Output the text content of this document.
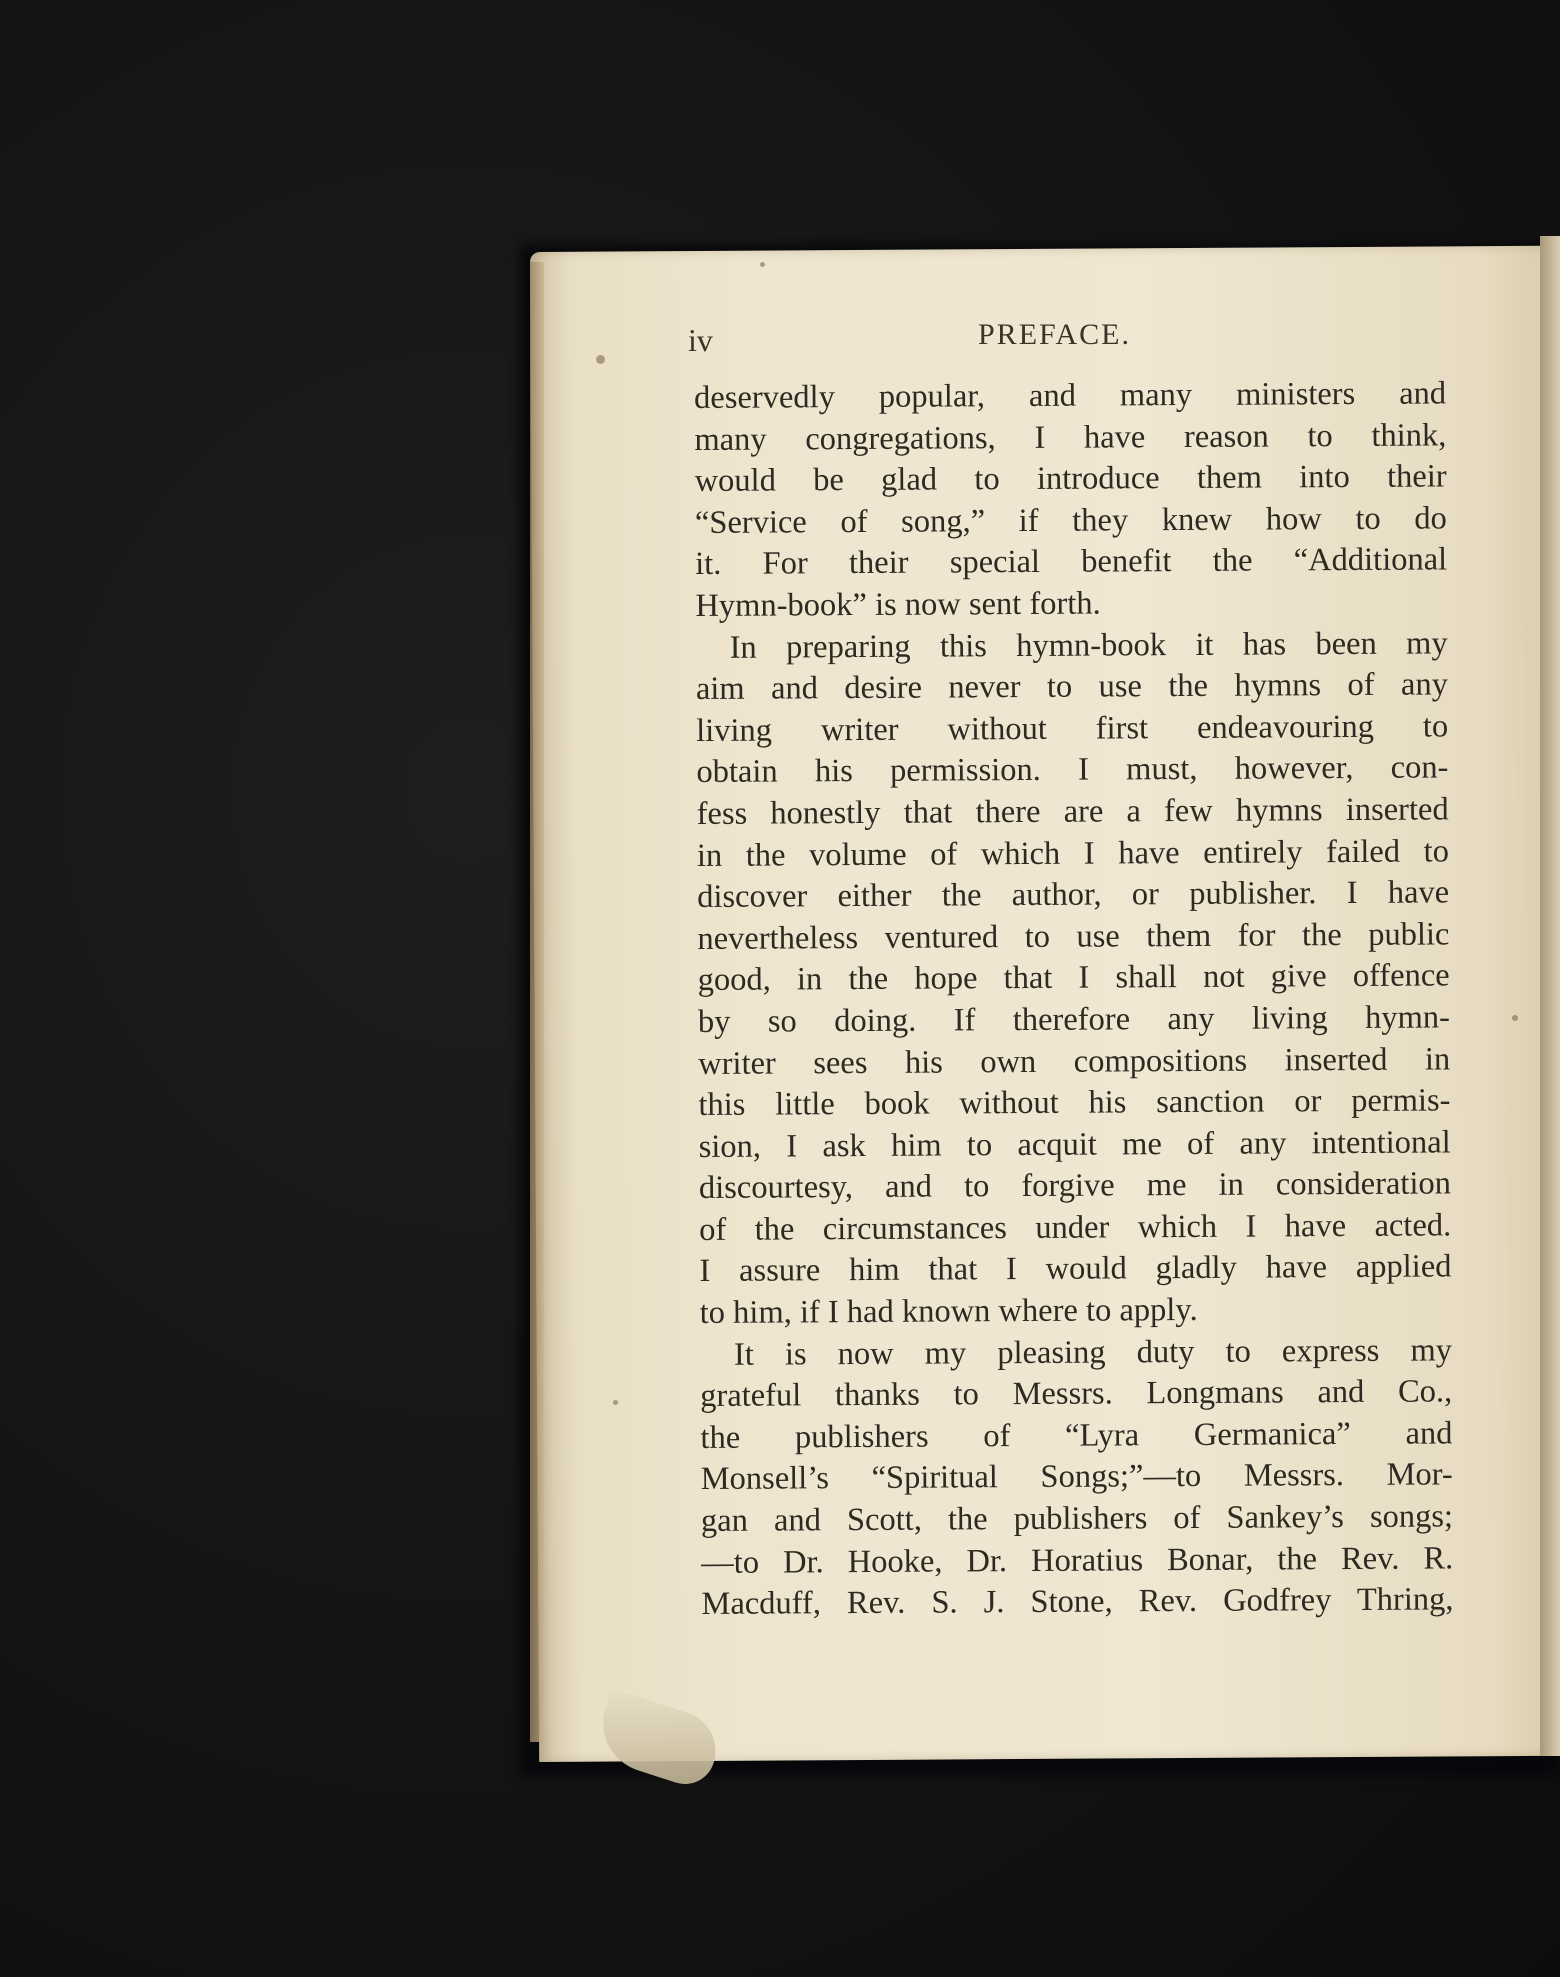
iv	PREFACE.
deservedly popular, and many ministers and
many congregations, I have reason to think,
would be glad to introduce them into their
“Service of song,” if they knew how to do
it. For their special benefit the “Additional
Hymn-book” is now sent forth.
In preparing this hymn-book it has been my
aim and desire never to use the hymns of any
living writer without first endeavouring to
obtain his permission. I must, however, con-
fess honestly that there are a few hymns inserted
in the volume of which I have entirely failed to
discover either the author, or publisher. I have
nevertheless ventured to use them for the public
good, in the hope that I shall not give offence
by so doing. If therefore any living hymn-
writer sees his own compositions inserted in
this little book without his sanction or permis-
sion, I ask him to acquit me of any intentional
discourtesy, and to forgive me in consideration
of the circumstances under which I have acted.
I assure him that I would gladly have applied
to him, if I had known where to apply.
It is now my pleasing duty to express my
grateful thanks to Messrs. Longmans and Co.,
the publishers of “Lyra Germanica” and
Monsell’s “Spiritual Songs;”—to Messrs. Mor-
gan and Scott, the publishers of Sankey’s songs;
—to Dr. Hooke, Dr. Horatius Bonar, the Rev. R.
Macduff, Rev. S. J. Stone, Rev. Godfrey Thring,
